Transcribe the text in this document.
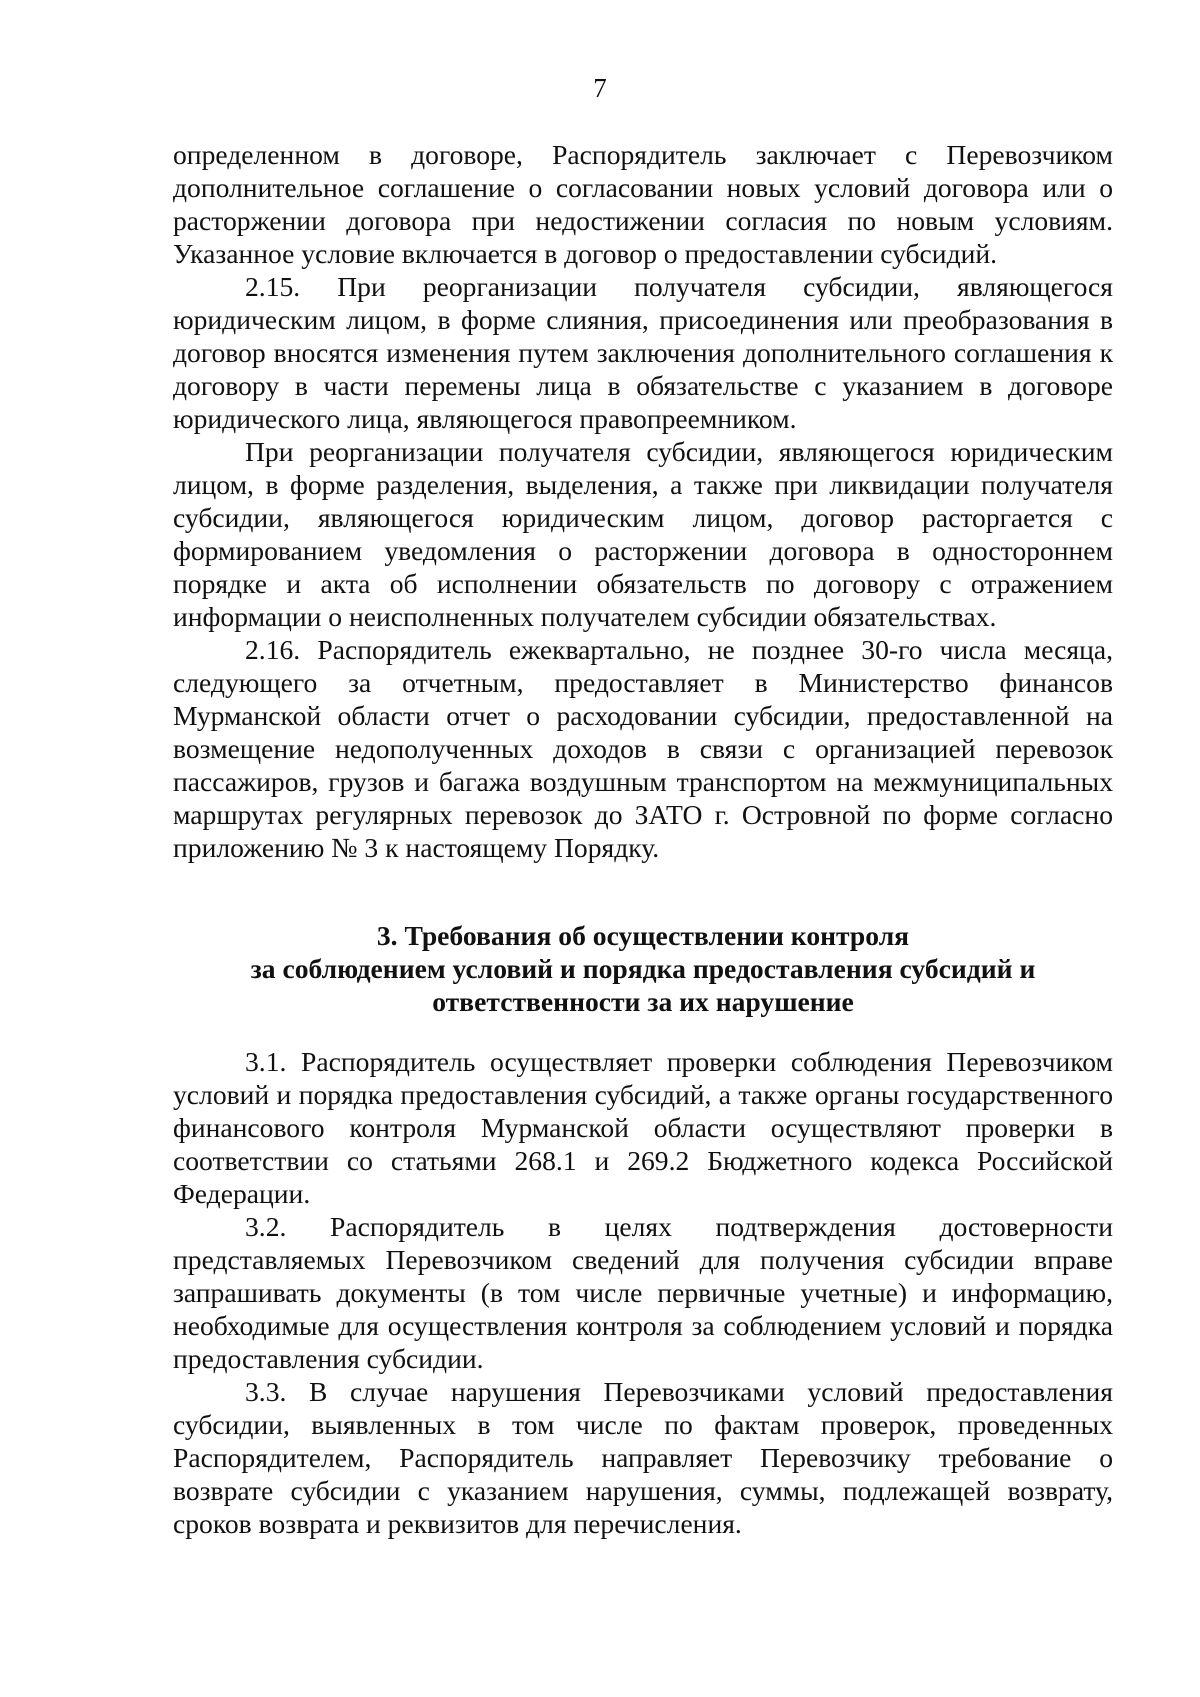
7

определенном в договоре, Распорядитель заключает с Перевозчиком дополнительное соглашение о согласовании новых условий договора или о расторжении договора при недостижении согласия по новым условиям. Указанное условие включается в договор о предоставлении субсидий.

2.15. При реорганизации получателя субсидии, являющегося юридическим лицом, в форме слияния, присоединения или преобразования в договор вносятся изменения путем заключения дополнительного соглашения к договору в части перемены лица в обязательстве с указанием в договоре юридического лица, являющегося правопреемником.

При реорганизации получателя субсидии, являющегося юридическим лицом, в форме разделения, выделения, а также при ликвидации получателя субсидии, являющегося юридическим лицом, договор расторгается с формированием уведомления о расторжении договора в одностороннем порядке и акта об исполнении обязательств по договору с отражением информации о неисполненных получателем субсидии обязательствах.

2.16. Распорядитель ежеквартально, не позднее 30-го числа месяца, следующего за отчетным, предоставляет в Министерство финансов Мурманской области отчет о расходовании субсидии, предоставленной на возмещение недополученных доходов в связи с организацией перевозок пассажиров, грузов и багажа воздушным транспортом на межмуниципальных маршрутах регулярных перевозок до ЗАТО г. Островной по форме согласно приложению № 3 к настоящему Порядку.

3. Требования об осуществлении контроля
за соблюдением условий и порядка предоставления субсидий и
ответственности за их нарушение

3.1. Распорядитель осуществляет проверки соблюдения Перевозчиком условий и порядка предоставления субсидий, а также органы государственного финансового контроля Мурманской области осуществляют проверки в соответствии со статьями 268.1 и 269.2 Бюджетного кодекса Российской Федерации.

3.2. Распорядитель в целях подтверждения достоверности представляемых Перевозчиком сведений для получения субсидии вправе запрашивать документы (в том числе первичные учетные) и информацию, необходимые для осуществления контроля за соблюдением условий и порядка предоставления субсидии.

3.3. В случае нарушения Перевозчиками условий предоставления субсидии, выявленных в том числе по фактам проверок, проведенных Распорядителем, Распорядитель направляет Перевозчику требование о возврате субсидии с указанием нарушения, суммы, подлежащей возврату, сроков возврата и реквизитов для перечисления.
